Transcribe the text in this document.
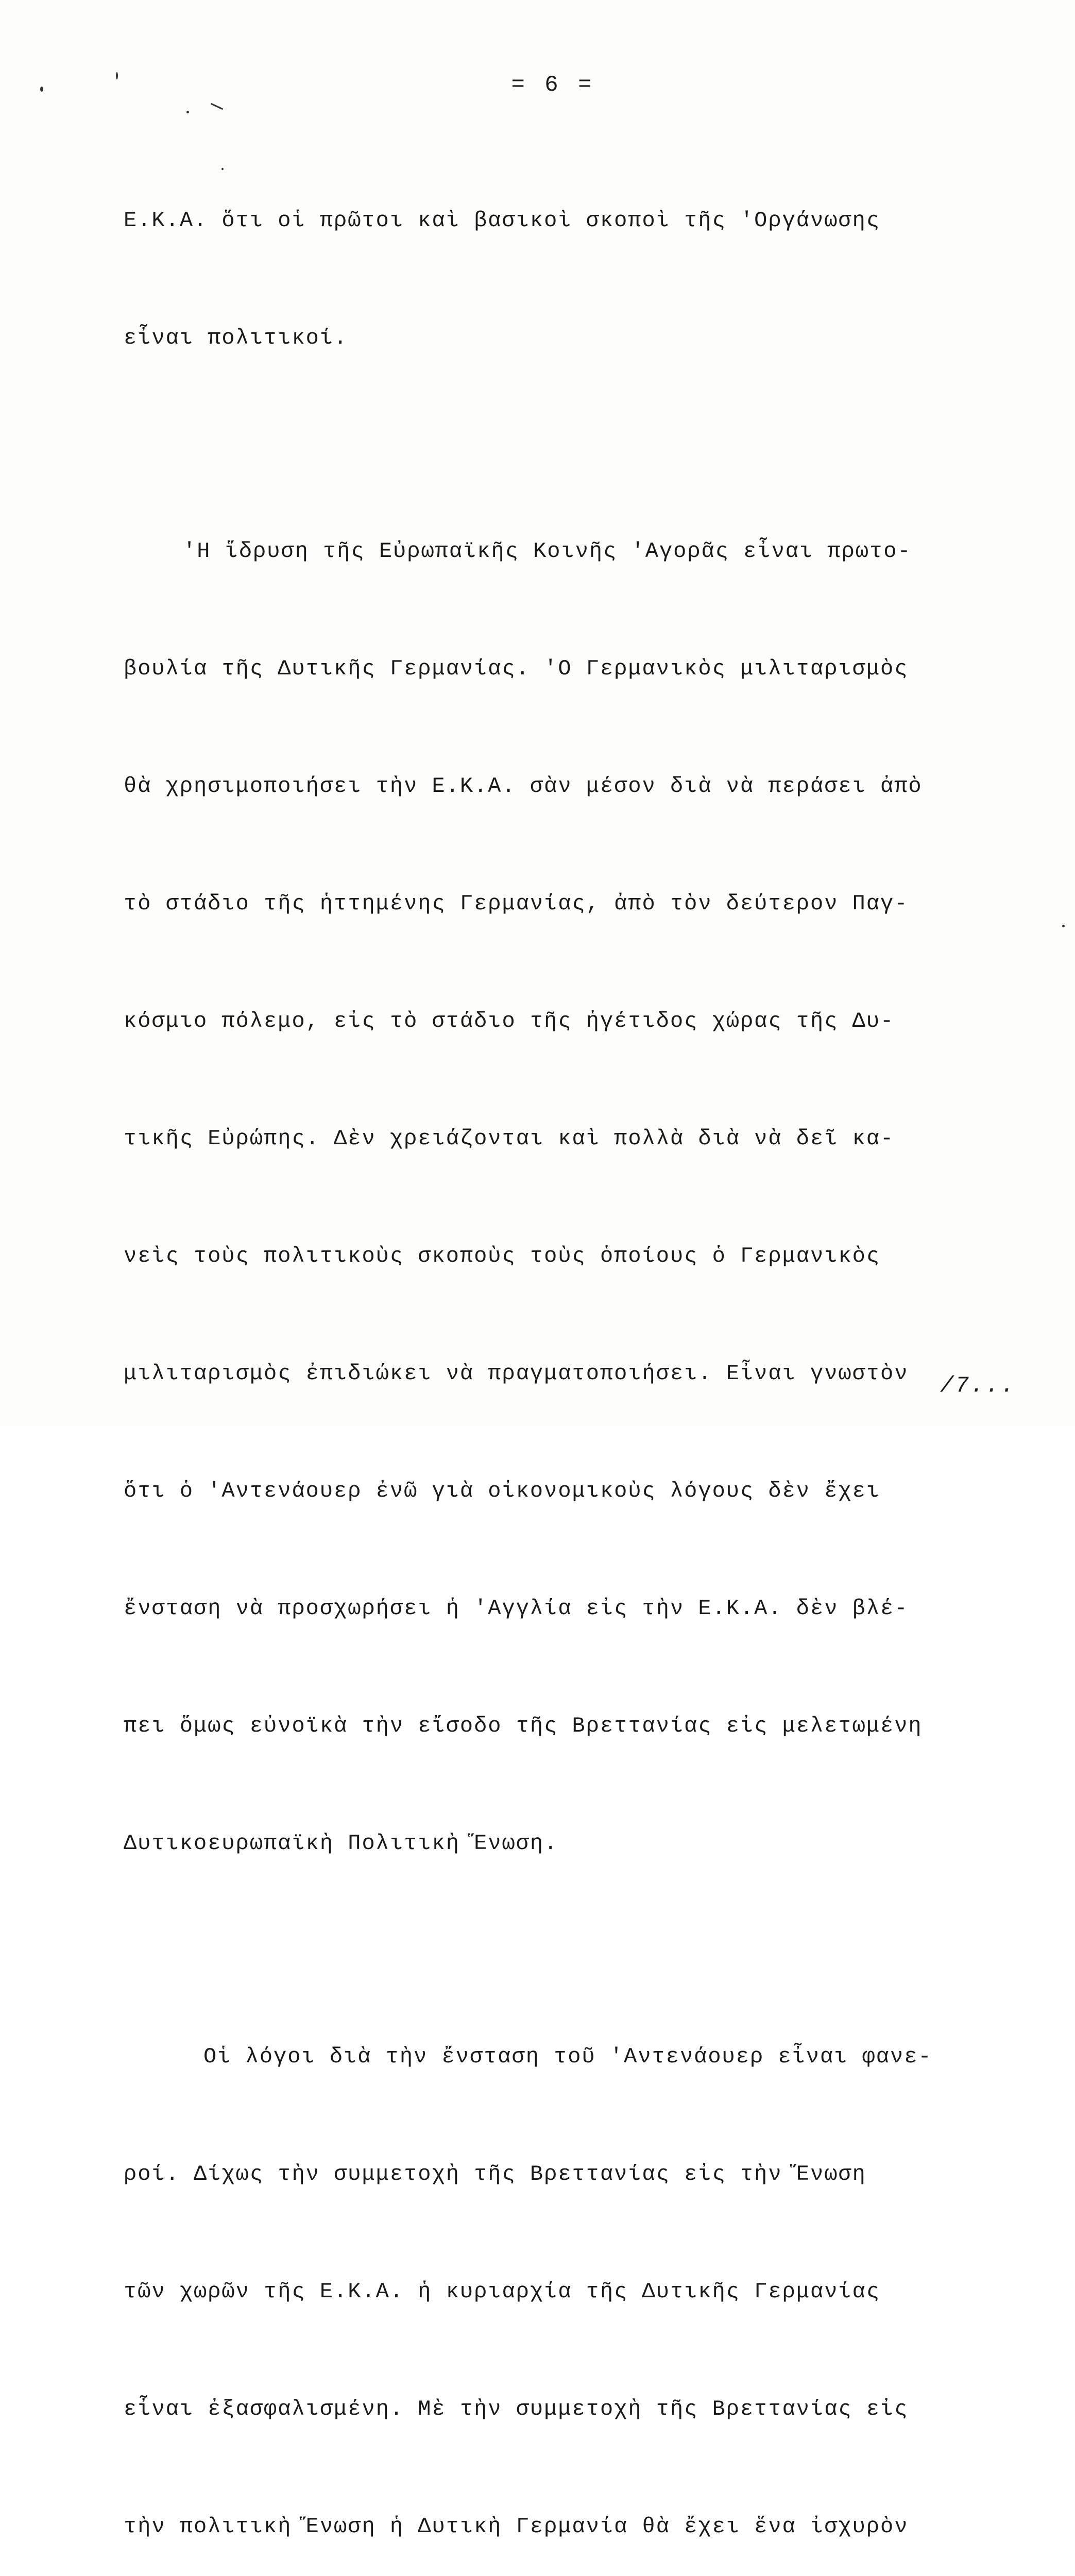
= 6 =

Ε.Κ.Α. ὅτι οἱ πρῶτοι καὶ βασικοὶ σκοποὶ τῆς 'Οργάνωσης

εἶναι πολιτικοί.

'Η ἵδρυση τῆς Εὐρωπαϊκῆς Κοινῆς 'Αγορᾶς εἶναι πρωτο-

βουλία τῆς Δυτικῆς Γερμανίας. 'Ο Γερμανικὸς μιλιταρισμὸς

θὰ χρησιμοποιήσει τὴν Ε.Κ.Α. σὰν μέσον διὰ νὰ περάσει ἀπὸ

τὸ στάδιο τῆς ἡττημένης Γερμανίας, ἀπὸ τὸν δεύτερον Παγ-

κόσμιο πόλεμο, εἰς τὸ στάδιο τῆς ἡγέτιδος χώρας τῆς Δυ-

τικῆς Εὐρώπης. Δὲν χρειάζονται καὶ πολλὰ διὰ νὰ δεῖ κα-

νεὶς τοὺς πολιτικοὺς σκοποὺς τοὺς ὁποίους ὁ Γερμανικὸς

μιλιταρισμὸς ἐπιδιώκει νὰ πραγματοποιήσει. Εἶναι γνωστὸν

ὅτι ὁ 'Αντενάουερ ἐνῶ γιὰ οἰκονομικοὺς λόγους δὲν ἔχει

ἔνσταση νὰ προσχωρήσει ἡ 'Αγγλία εἰς τὴν Ε.Κ.Α. δὲν βλέ-

πει ὅμως εὐνοϊκὰ τὴν εἴσοδο τῆς Βρεττανίας εἰς μελετωμένη

Δυτικοευρωπαϊκὴ Πολιτικὴ Ἕνωση.

Οἱ λόγοι διὰ τὴν ἔνσταση τοῦ 'Αντενάουερ εἶναι φανε-

ροί. Δίχως τὴν συμμετοχὴ τῆς Βρεττανίας εἰς τὴν Ἕνωση

τῶν χωρῶν τῆς Ε.Κ.Α. ἡ κυριαρχία τῆς Δυτικῆς Γερμανίας

εἶναι ἐξασφαλισμένη. Μὲ τὴν συμμετοχὴ τῆς Βρεττανίας εἰς

τὴν πολιτικὴ Ἕνωση ἡ Δυτικὴ Γερμανία θὰ ἔχει ἕνα ἰσχυρὸν

/7...
